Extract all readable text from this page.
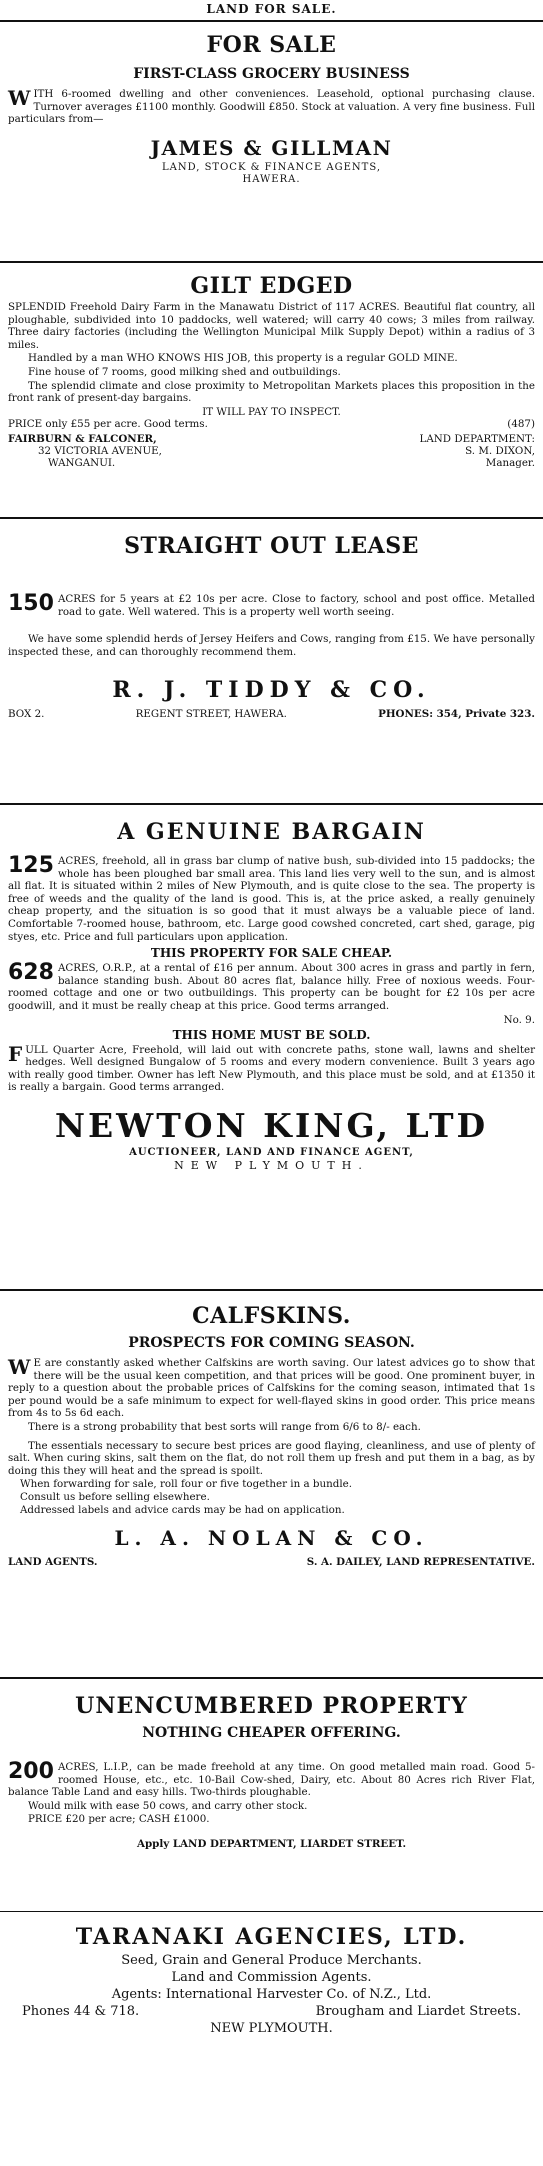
LAND FOR SALE.
FOR SALE
FIRST-CLASS GROCERY BUSINESS
WITH 6-roomed dwelling and other conveniences. Leasehold, optional purchasing clause. Turnover averages £1100 monthly. Goodwill £850. Stock at valuation. A very fine business. Full particulars from—
JAMES & GILLMAN
LAND, STOCK & FINANCE AGENTS,
HAWERA.
GILT EDGED
SPLENDID Freehold Dairy Farm in the Manawatu District of 117 ACRES. Beautiful flat country, all ploughable, subdivided into 10 paddocks, well watered; will carry 40 cows; 3 miles from railway. Three dairy factories (including the Wellington Municipal Milk Supply Depot) within a radius of 3 miles.
Handled by a man WHO KNOWS HIS JOB, this property is a regular GOLD MINE.
Fine house of 7 rooms, good milking shed and outbuildings.
The splendid climate and close proximity to Metropolitan Markets places this proposition in the front rank of present-day bargains.
IT WILL PAY TO INSPECT.
PRICE only £55 per acre. Good terms.	(487)
FAIRBURN & FALCONER,
32 VICTORIA AVENUE,
WANGANUI.
LAND DEPARTMENT:
S. M. DIXON,
Manager.
STRAIGHT OUT LEASE
150 ACRES for 5 years at £2 10s per acre. Close to factory, school and post office. Metalled road to gate. Well watered. This is a property well worth seeing.
We have some splendid herds of Jersey Heifers and Cows, ranging from £15. We have personally inspected these, and can thoroughly recommend them.
R. J. TIDDY & CO.
BOX 2.	REGENT STREET, HAWERA.	PHONES: 354, Private 323.
A GENUINE BARGAIN
125 ACRES, freehold, all in grass bar clump of native bush, sub-divided into 15 paddocks; the whole has been ploughed bar small area. This land lies very well to the sun, and is almost all flat. It is situated within 2 miles of New Plymouth, and is quite close to the sea. The property is free of weeds and the quality of the land is good. This is, at the price asked, a really genuinely cheap property, and the situation is so good that it must always be a valuable piece of land. Comfortable 7-roomed house, bathroom, etc. Large good cowshed concreted, cart shed, garage, pig styes, etc. Price and full particulars upon application.
THIS PROPERTY FOR SALE CHEAP.
628 ACRES, O.R.P., at a rental of £16 per annum. About 300 acres in grass and partly in fern, balance standing bush. About 80 acres flat, balance hilly. Free of noxious weeds. Four-roomed cottage and one or two outbuildings. This property can be bought for £2 10s per acre goodwill, and it must be really cheap at this price. Good terms arranged.
No. 9.
THIS HOME MUST BE SOLD.
FULL Quarter Acre, Freehold, will laid out with concrete paths, stone wall, lawns and shelter hedges. Well designed Bungalow of 5 rooms and every modern convenience. Built 3 years ago with really good timber. Owner has left New Plymouth, and this place must be sold, and at £1350 it is really a bargain. Good terms arranged.
NEWTON KING, LTD
AUCTIONEER, LAND AND FINANCE AGENT,
NEW PLYMOUTH.
CALFSKINS.
PROSPECTS FOR COMING SEASON.
W E are constantly asked whether Calfskins are worth saving. Our latest advices go to show that there will be the usual keen competition, and that prices will be good. One prominent buyer, in reply to a question about the probable prices of Calfskins for the coming season, intimated that 1s per pound would be a safe minimum to expect for well-flayed skins in good order. This price means from 4s to 5s 6d each.
There is a strong probability that best sorts will range from 6/6 to 8/- each.
The essentials necessary to secure best prices are good flaying, cleanliness, and use of plenty of salt. When curing skins, salt them on the flat, do not roll them up fresh and put them in a bag, as by doing this they will heat and the spread is spoilt.
When forwarding for sale, roll four or five together in a bundle.
Consult us before selling elsewhere.
Addressed labels and advice cards may be had on application.
L. A. NOLAN & CO.
LAND AGENTS.	S. A. DAILEY, LAND REPRESENTATIVE.
UNENCUMBERED PROPERTY
NOTHING CHEAPER OFFERING.
200 ACRES, L.I.P., can be made freehold at any time. On good metalled main road. Good 5-roomed House, etc., etc. 10-Bail Cow-shed, Dairy, etc. About 80 Acres rich River Flat, balance Table Land and easy hills. Two-thirds ploughable.
Would milk with ease 50 cows, and carry other stock.
PRICE £20 per acre; CASH £1000.
Apply LAND DEPARTMENT, LIARDET STREET.
TARANAKI AGENCIES, LTD.
Seed, Grain and General Produce Merchants.
Land and Commission Agents.
Agents: International Harvester Co. of N.Z., Ltd.
Phones 44 & 718.	Brougham and Liardet Streets.
NEW PLYMOUTH.
